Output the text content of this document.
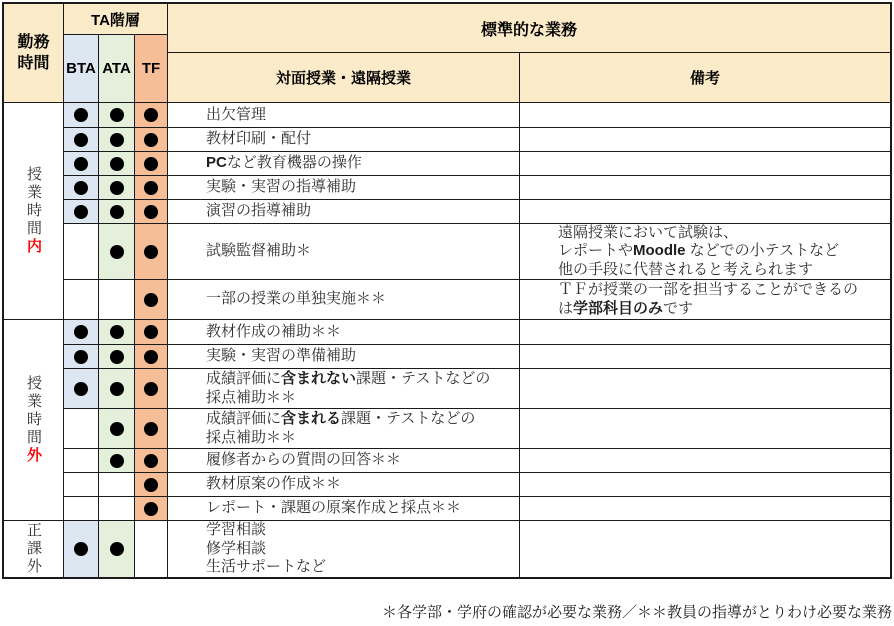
勤務
時間
TA階層
BTA ATA TF
標準的な業務
対面授業・遠隔授業	備考
授業時間
内
出欠管理
教材印刷・配付
PCなど教育機器の操作
実験・実習の指導補助
演習の指導補助
試験監督補助＊
遠隔授業において試験は、
レポートやMoodle などでの小テストなど
他の手段に代替されると考えられます
一部の授業の単独実施＊＊
ＴＦが授業の一部を担当することができるの
は学部科目のみです
授業時間
外
教材作成の補助＊＊
実験・実習の準備補助
成績評価に含まれない課題・テストなどの
採点補助＊＊
成績評価に含まれる課題・テストなどの
採点補助＊＊
履修者からの質問の回答＊＊
教材原案の作成＊＊
レポート・課題の原案作成と採点＊＊
正課外	学習相談
修学相談
生活サポートなど
＊各学部・学府の確認が必要な業務／＊＊教員の指導がとりわけ必要な業務
